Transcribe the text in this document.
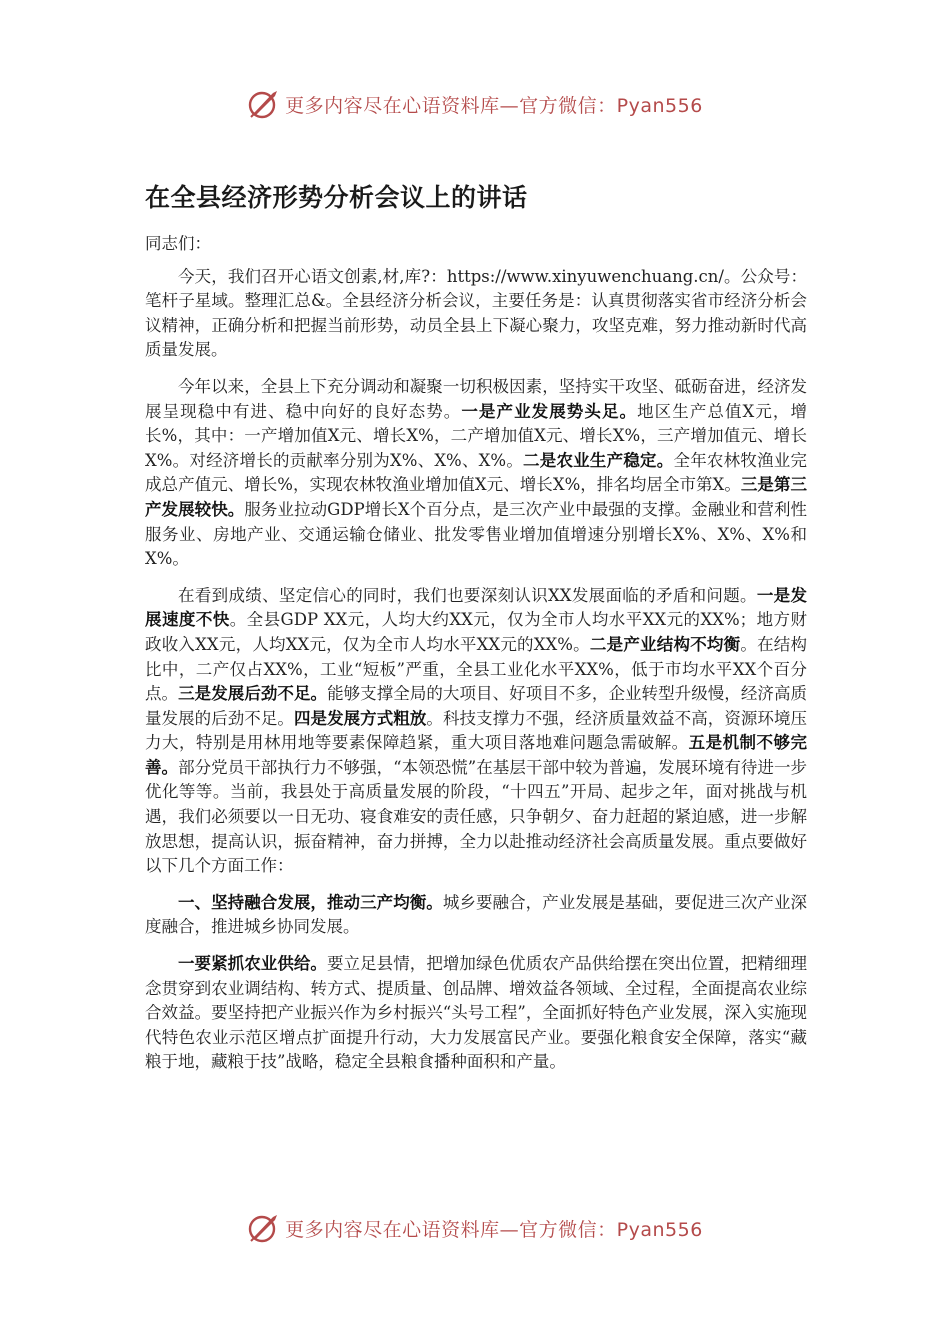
更多内容尽在心语资料库—官方微信：Pyan556
在全县经济形势分析会议上的讲话

同志们：

今天，我们召开心语文创素,材,库?：https://www.xinyuwenchuang.cn/。公众号：笔杆子星域。整理汇总&。全县经济分析会议，主要任务是：认真贯彻落实省市经济分析会议精神，正确分析和把握当前形势，动员全县上下凝心聚力，攻坚克难，努力推动新时代高质量发展。

今年以来，全县上下充分调动和凝聚一切积极因素，坚持实干攻坚、砥砺奋进，经济发展呈现稳中有进、稳中向好的良好态势。一是产业发展势头足。地区生产总值X元，增长%，其中：一产增加值X元、增长X%，二产增加值X元、增长X%，三产增加值元、增长X%。对经济增长的贡献率分别为X%、X%、X%。二是农业生产稳定。全年农林牧渔业完成总产值元、增长%，实现农林牧渔业增加值X元、增长X%，排名均居全市第X。三是第三产发展较快。服务业拉动GDP增长X个百分点，是三次产业中最强的支撑。金融业和营利性服务业、房地产业、交通运输仓储业、批发零售业增加值增速分别增长X%、X%、X%和X%。

在看到成绩、坚定信心的同时，我们也要深刻认识XX发展面临的矛盾和问题。一是发展速度不快。全县GDP XX元，人均大约XX元，仅为全市人均水平XX元的XX%；地方财政收入XX元，人均XX元，仅为全市人均水平XX元的XX%。二是产业结构不均衡。在结构比中，二产仅占XX%，工业“短板”严重，全县工业化水平XX%，低于市均水平XX个百分点。三是发展后劲不足。能够支撑全局的大项目、好项目不多，企业转型升级慢，经济高质量发展的后劲不足。四是发展方式粗放。科技支撑力不强，经济质量效益不高，资源环境压力大，特别是用林用地等要素保障趋紧，重大项目落地难问题急需破解。五是机制不够完善。部分党员干部执行力不够强，“本领恐慌”在基层干部中较为普遍，发展环境有待进一步优化等等。当前，我县处于高质量发展的阶段，“十四五”开局、起步之年，面对挑战与机遇，我们必须要以一日无功、寝食难安的责任感，只争朝夕、奋力赶超的紧迫感，进一步解放思想，提高认识，振奋精神，奋力拼搏，全力以赴推动经济社会高质量发展。重点要做好以下几个方面工作：

一、坚持融合发展，推动三产均衡。城乡要融合，产业发展是基础，要促进三次产业深度融合，推进城乡协同发展。

一要紧抓农业供给。要立足县情，把增加绿色优质农产品供给摆在突出位置，把精细理念贯穿到农业调结构、转方式、提质量、创品牌、增效益各领域、全过程，全面提高农业综合效益。要坚持把产业振兴作为乡村振兴“头号工程”，全面抓好特色产业发展，深入实施现代特色农业示范区增点扩面提升行动，大力发展富民产业。要强化粮食安全保障，落实“藏粮于地，藏粮于技”战略，稳定全县粮食播种面积和产量。

更多内容尽在心语资料库—官方微信：Pyan556
